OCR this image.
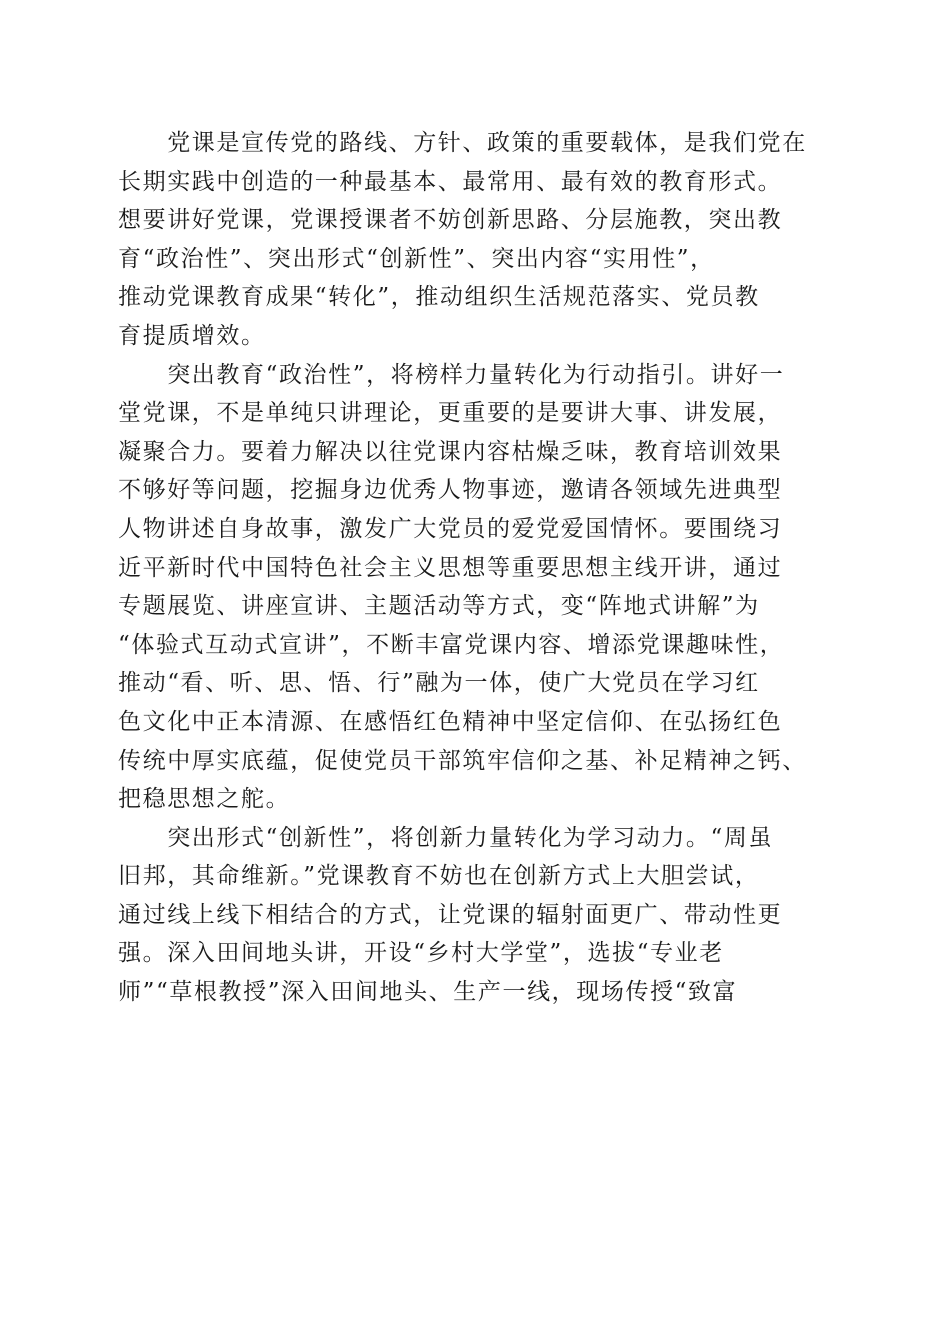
　　党课是宣传党的路线、方针、政策的重要载体，是我们党在
长期实践中创造的一种最基本、最常用、最有效的教育形式。
想要讲好党课，党课授课者不妨创新思路、分层施教，突出教
育“政治性”、突出形式“创新性”、突出内容“实用性”，
推动党课教育成果“转化”，推动组织生活规范落实、党员教
育提质增效。
　　突出教育“政治性”，将榜样力量转化为行动指引。讲好一
堂党课，不是单纯只讲理论，更重要的是要讲大事、讲发展，
凝聚合力。要着力解决以往党课内容枯燥乏味，教育培训效果
不够好等问题，挖掘身边优秀人物事迹，邀请各领域先进典型
人物讲述自身故事，激发广大党员的爱党爱国情怀。要围绕习
近平新时代中国特色社会主义思想等重要思想主线开讲，通过
专题展览、讲座宣讲、主题活动等方式，变“阵地式讲解”为
“体验式互动式宣讲”，不断丰富党课内容、增添党课趣味性，
推动“看、听、思、悟、行”融为一体，使广大党员在学习红
色文化中正本清源、在感悟红色精神中坚定信仰、在弘扬红色
传统中厚实底蕴，促使党员干部筑牢信仰之基、补足精神之钙、
把稳思想之舵。
　　突出形式“创新性”，将创新力量转化为学习动力。“周虽
旧邦，其命维新。”党课教育不妨也在创新方式上大胆尝试，
通过线上线下相结合的方式，让党课的辐射面更广、带动性更
强。深入田间地头讲，开设“乡村大学堂”，选拔“专业老
师”“草根教授”深入田间地头、生产一线，现场传授“致富
